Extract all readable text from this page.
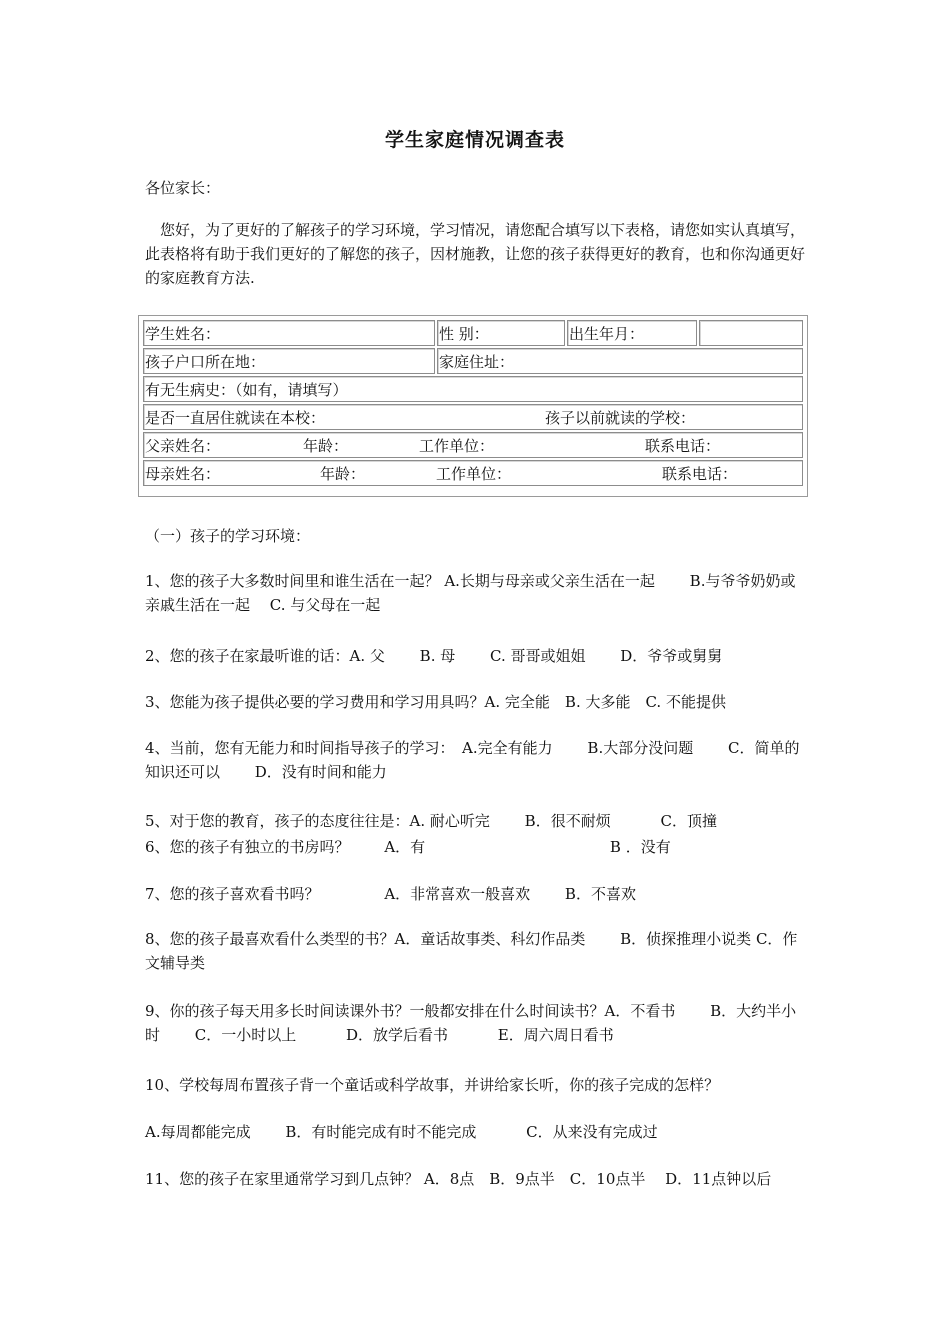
学生家庭情况调查表
各位家长：
　您好，为了更好的了解孩子的学习环境，学习情况，请您配合填写以下表格，请您如实认真填写，此表格将有助于我们更好的了解您的孩子，因材施教，让您的孩子获得更好的教育，也和你沟通更好的家庭教育方法.
学生姓名：	性 别：	出生年月：	
孩子户口所在地：	家庭住址：		
有无生病史：（如有，请填写）			
是否一直居住就读在本校： 孩子以前就读的学校：			
父亲姓名： 年龄： 工作单位： 联系电话：			
母亲姓名： 年龄： 工作单位： 联系电话：			
（一）孩子的学习环境：
1、您的孩子大多数时间里和谁生活在一起？ A.长期与母亲或父亲生活在一起　　 B.与爷爷奶奶或亲戚生活在一起　 C. 与父母在一起
2、您的孩子在家最听谁的话：A. 父　　 B. 母　　 C. 哥哥或姐姐　　 D．爷爷或舅舅
3、您能为孩子提供必要的学习费用和学习用具吗？A. 完全能　B. 大多能　C. 不能提供
4、当前，您有无能力和时间指导孩子的学习：　A.完全有能力　　 B.大部分没问题　　 C．简单的知识还可以　　 D．没有时间和能力
5、对于您的教育，孩子的态度往往是：A. 耐心听完　　 B．很不耐烦　　　 C．顶撞
6、您的孩子有独立的书房吗？　　 A．有　　　　　　　　　　　　 B ．没有
7、您的孩子喜欢看书吗？　　　　 A．非常喜欢一般喜欢　　 B．不喜欢
8、您的孩子最喜欢看什么类型的书？A．童话故事类、科幻作品类　　 B．侦探推理小说类 C．作文辅导类
9、你的孩子每天用多长时间读课外书？一般都安排在什么时间读书？A．不看书　　 B．大约半小时　　 C．一小时以上　　　 D．放学后看书　　　 E．周六周日看书
10、学校每周布置孩子背一个童话或科学故事，并讲给家长听，你的孩子完成的怎样？
A.每周都能完成　　 B．有时能完成有时不能完成　　　 C．从来没有完成过
11、您的孩子在家里通常学习到几点钟？ A．8点　B．9点半　C．10点半　 D．11点钟以后
